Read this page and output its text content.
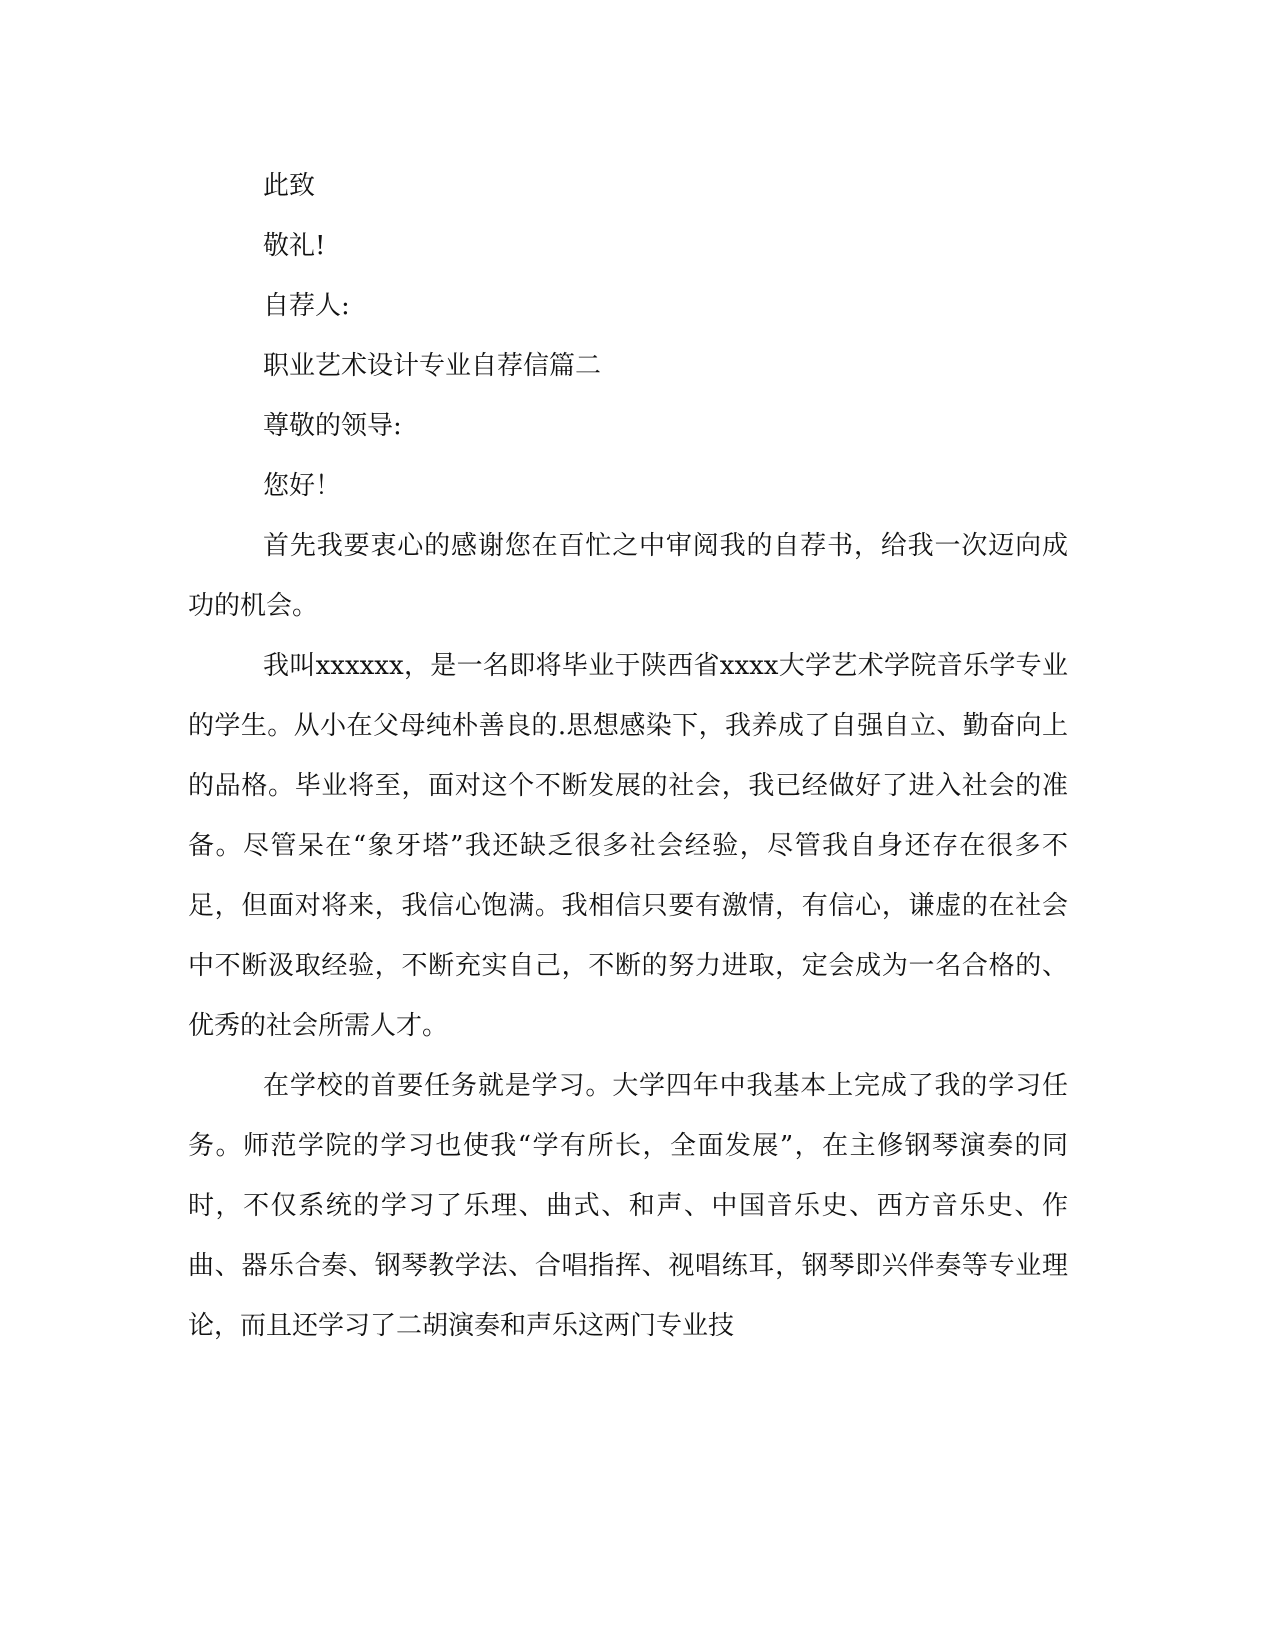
此致

敬礼!

自荐人:

职业艺术设计专业自荐信篇二

尊敬的领导:

您好！

首先我要衷心的感谢您在百忙之中审阅我的自荐书，给我一次迈向成功的机会。

我叫xxxxxx，是一名即将毕业于陕西省xxxx大学艺术学院音乐学专业的学生。从小在父母纯朴善良的.思想感染下，我养成了自强自立、勤奋向上的品格。毕业将至，面对这个不断发展的社会，我已经做好了进入社会的准备。尽管呆在“象牙塔”我还缺乏很多社会经验，尽管我自身还存在很多不足，但面对将来，我信心饱满。我相信只要有激情，有信心，谦虚的在社会中不断汲取经验，不断充实自己，不断的努力进取，定会成为一名合格的、优秀的社会所需人才。

在学校的首要任务就是学习。大学四年中我基本上完成了我的学习任务。师范学院的学习也使我“学有所长，全面发展”，在主修钢琴演奏的同时，不仅系统的学习了乐理、曲式、和声、中国音乐史、西方音乐史、作曲、器乐合奏、钢琴教学法、合唱指挥、视唱练耳，钢琴即兴伴奏等专业理论，而且还学习了二胡演奏和声乐这两门专业技
